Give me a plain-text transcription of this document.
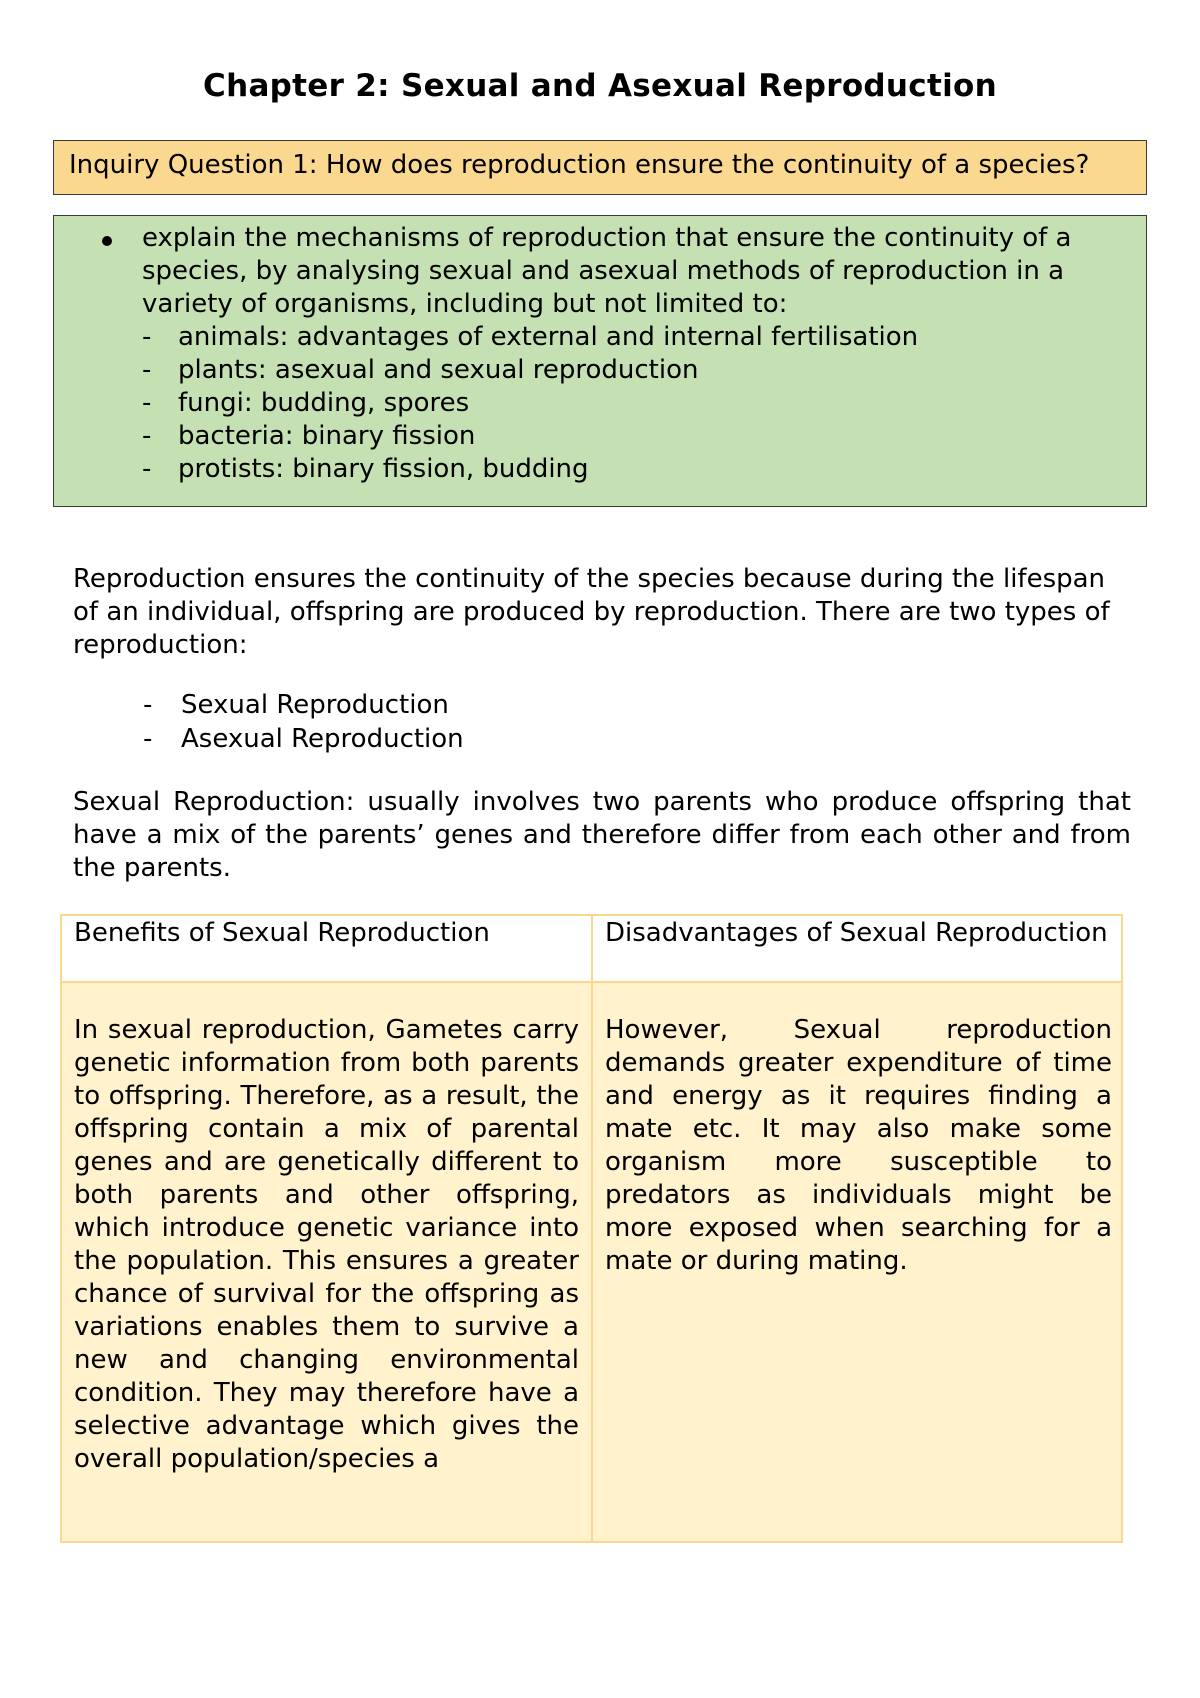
Chapter 2: Sexual and Asexual Reproduction
Inquiry Question 1: How does reproduction ensure the continuity of a species?
explain the mechanisms of reproduction that ensure the continuity of a species, by analysing sexual and asexual methods of reproduction in a variety of organisms, including but not limited to:
- animals: advantages of external and internal fertilisation
- plants: asexual and sexual reproduction
- fungi: budding, spores
- bacteria: binary fission
- protists: binary fission, budding
Reproduction ensures the continuity of the species because during the lifespan of an individual, offspring are produced by reproduction. There are two types of reproduction:
- Sexual Reproduction
- Asexual Reproduction
Sexual Reproduction: usually involves two parents who produce offspring that have a mix of the parents’ genes and therefore differ from each other and from the parents.
Benefits of Sexual Reproduction	Disadvantages of Sexual Reproduction
In sexual reproduction, Gametes carry genetic information from both parents to offspring. Therefore, as a result, the offspring contain a mix of parental genes and are genetically different to both parents and other offspring, which introduce genetic variance into the population. This ensures a greater chance of survival for the offspring as variations enables them to survive a new and changing environmental condition. They may therefore have a selective advantage which gives the overall population/species a
However, Sexual reproduction demands greater expenditure of time and energy as it requires finding a mate etc. It may also make some organism more susceptible to predators as individuals might be more exposed when searching for a mate or during mating.
